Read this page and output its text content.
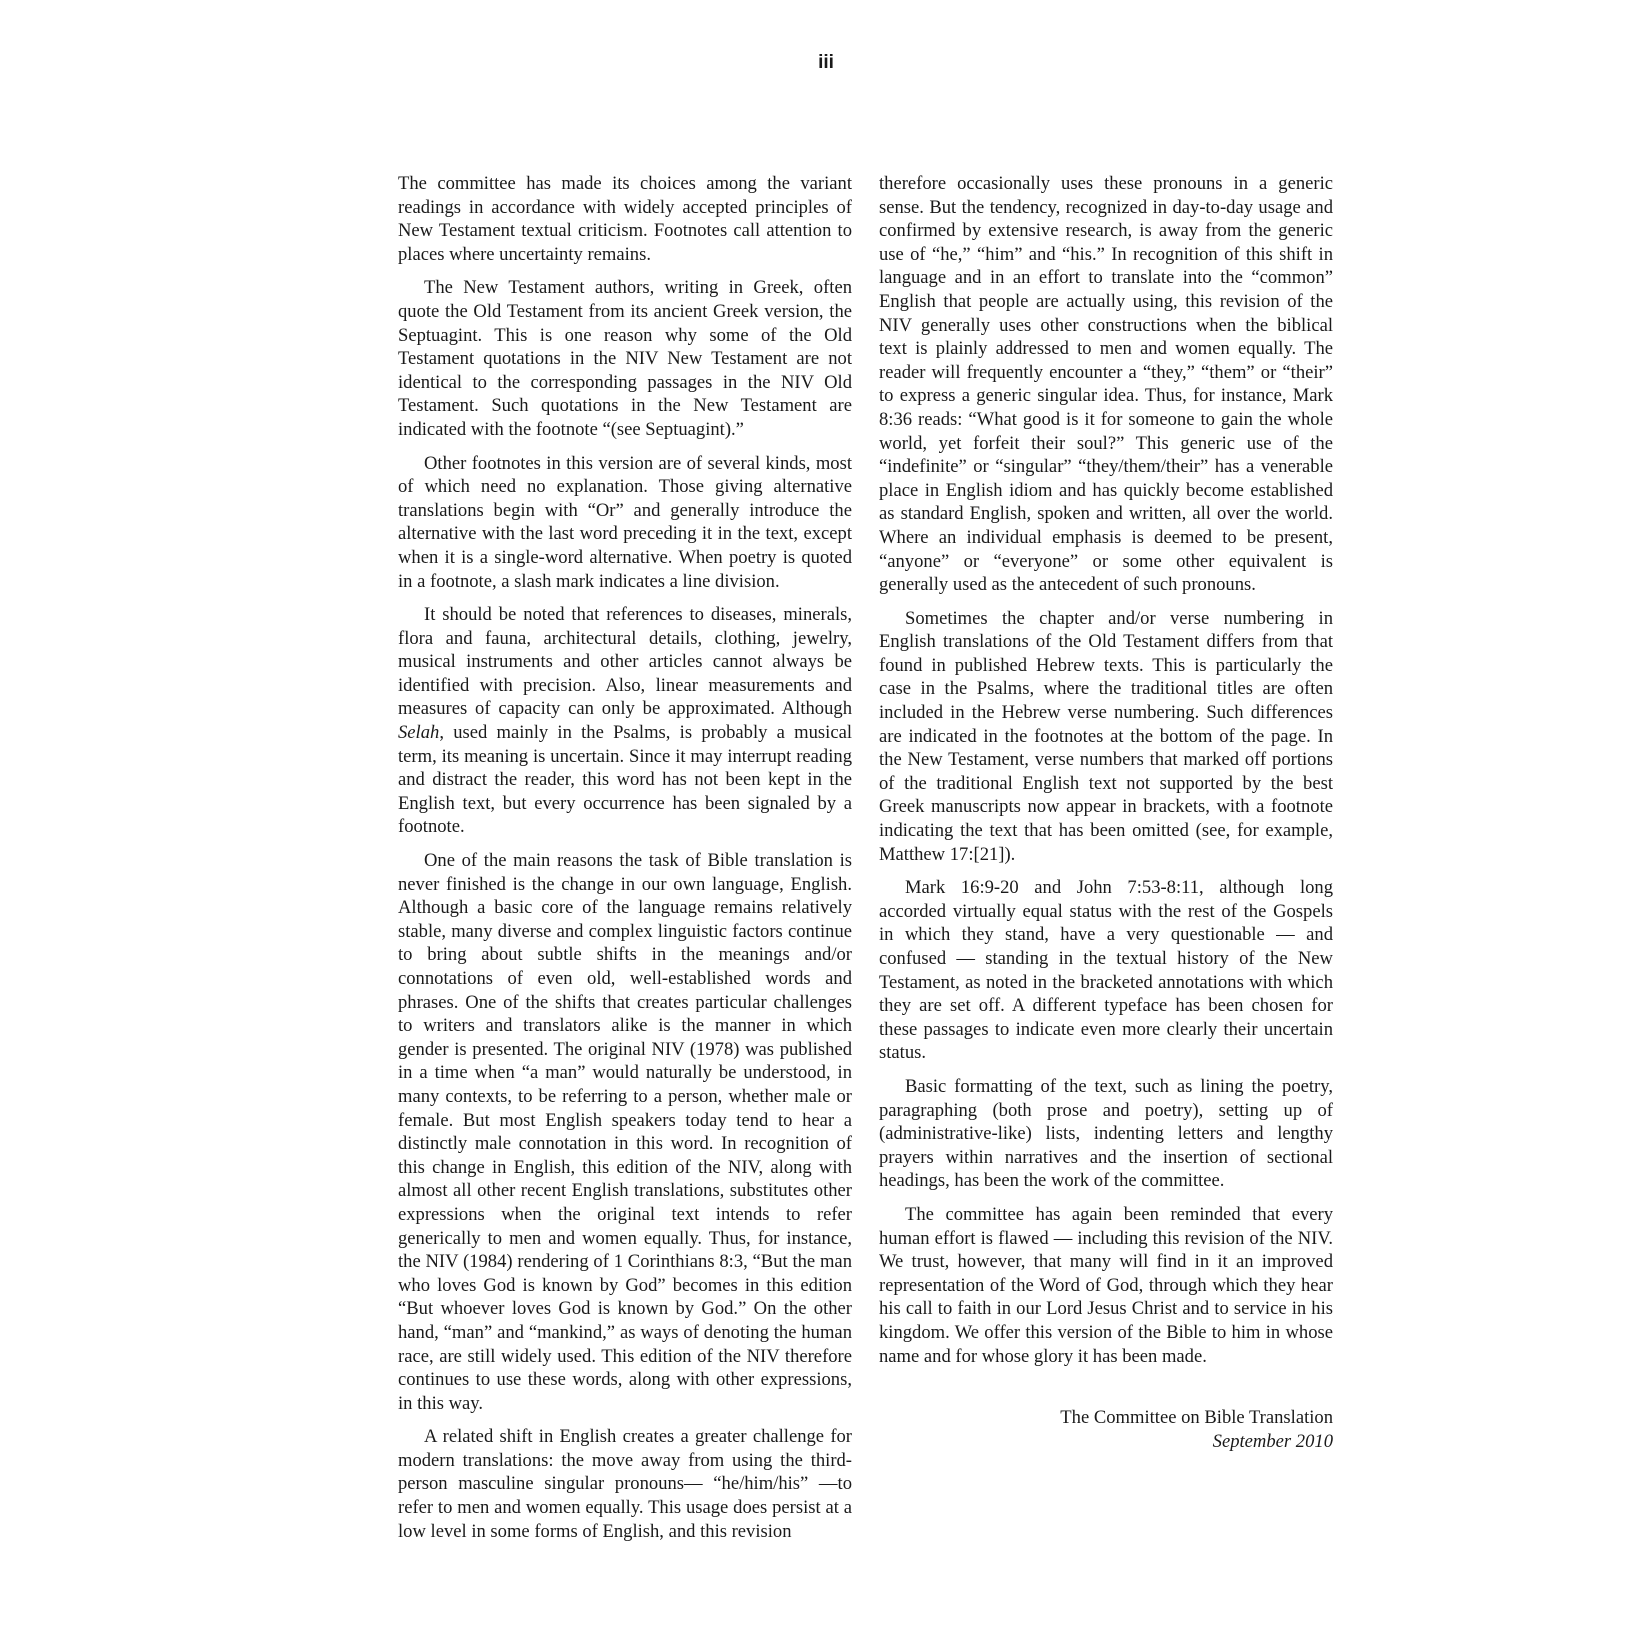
iii

The committee has made its choices among the variant readings in accordance with widely accepted principles of New Testament textual criticism. Footnotes call attention to places where uncertainty remains.

The New Testament authors, writing in Greek, often quote the Old Testament from its ancient Greek version, the Septuagint. This is one reason why some of the Old Testament quotations in the NIV New Testament are not identical to the corresponding passages in the NIV Old Testament. Such quotations in the New Testament are indicated with the footnote “(see Septuagint).”

Other footnotes in this version are of several kinds, most of which need no explanation. Those giving alternative translations begin with “Or” and generally introduce the alternative with the last word preceding it in the text, except when it is a single-word alternative. When poetry is quoted in a footnote, a slash mark indicates a line division.

It should be noted that references to diseases, minerals, flora and fauna, architectural details, clothing, jewelry, musical instruments and other articles cannot always be identified with precision. Also, linear measurements and measures of capacity can only be approximated. Although Selah, used mainly in the Psalms, is probably a musical term, its meaning is uncertain. Since it may interrupt reading and distract the reader, this word has not been kept in the English text, but every occurrence has been signaled by a footnote.

One of the main reasons the task of Bible translation is never finished is the change in our own language, English. Although a basic core of the language remains relatively stable, many diverse and complex linguistic factors continue to bring about subtle shifts in the meanings and/or connotations of even old, well-established words and phrases. One of the shifts that creates particular challenges to writers and translators alike is the manner in which gender is presented. The original NIV (1978) was published in a time when “a man” would naturally be understood, in many contexts, to be referring to a person, whether male or female. But most English speakers today tend to hear a distinctly male connotation in this word. In recognition of this change in English, this edition of the NIV, along with almost all other recent English translations, substitutes other expressions when the original text intends to refer generically to men and women equally. Thus, for instance, the NIV (1984) rendering of 1 Corinthians 8:3, “But the man who loves God is known by God” becomes in this edition “But whoever loves God is known by God.” On the other hand, “man” and “mankind,” as ways of denoting the human race, are still widely used. This edition of the NIV therefore continues to use these words, along with other expressions, in this way.

A related shift in English creates a greater challenge for modern translations: the move away from using the third-person masculine singular pronouns— “he/him/his” —to refer to men and women equally. This usage does persist at a low level in some forms of English, and this revision

therefore occasionally uses these pronouns in a generic sense. But the tendency, recognized in day-to-day usage and confirmed by extensive research, is away from the generic use of “he,” “him” and “his.” In recognition of this shift in language and in an effort to translate into the “common” English that people are actually using, this revision of the NIV generally uses other constructions when the biblical text is plainly addressed to men and women equally. The reader will frequently encounter a “they,” “them” or “their” to express a generic singular idea. Thus, for instance, Mark 8:36 reads: “What good is it for someone to gain the whole world, yet forfeit their soul?” This generic use of the “indefinite” or “singular” “they/them/their” has a venerable place in English idiom and has quickly become established as standard English, spoken and written, all over the world. Where an individual emphasis is deemed to be present, “anyone” or “everyone” or some other equivalent is generally used as the antecedent of such pronouns.

Sometimes the chapter and/or verse numbering in English translations of the Old Testament differs from that found in published Hebrew texts. This is particularly the case in the Psalms, where the traditional titles are often included in the Hebrew verse numbering. Such differences are indicated in the footnotes at the bottom of the page. In the New Testament, verse numbers that marked off portions of the traditional English text not supported by the best Greek manuscripts now appear in brackets, with a footnote indicating the text that has been omitted (see, for example, Matthew 17:[21]).

Mark 16:9-20 and John 7:53-8:11, although long accorded virtually equal status with the rest of the Gospels in which they stand, have a very questionable — and confused — standing in the textual history of the New Testament, as noted in the bracketed annotations with which they are set off. A different typeface has been chosen for these passages to indicate even more clearly their uncertain status.

Basic formatting of the text, such as lining the poetry, paragraphing (both prose and poetry), setting up of (administrative-like) lists, indenting letters and lengthy prayers within narratives and the insertion of sectional headings, has been the work of the committee.

The committee has again been reminded that every human effort is flawed — including this revision of the NIV. We trust, however, that many will find in it an improved representation of the Word of God, through which they hear his call to faith in our Lord Jesus Christ and to service in his kingdom. We offer this version of the Bible to him in whose name and for whose glory it has been made.

The Committee on Bible Translation
September 2010
